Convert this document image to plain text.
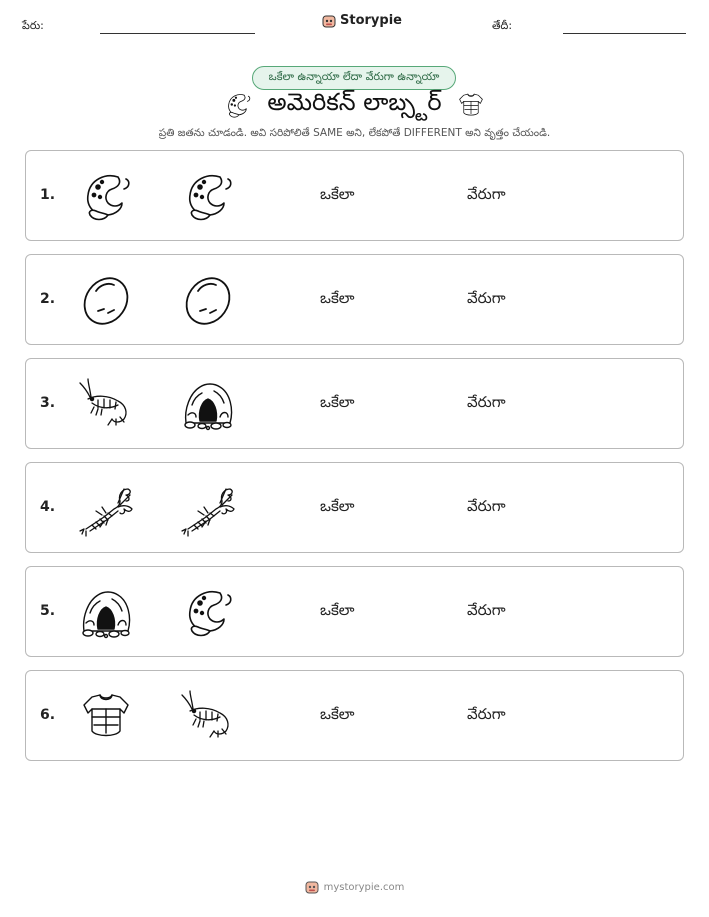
పేరు:	Storypie	తేదీ:
ఒకేలా ఉన్నాయా లేదా వేరుగా ఉన్నాయా
అమెరికన్ లాబ్స్టర్
ప్రతి జతను చూడండి. అవి సరిపోలితే SAME అని, లేకపోతే DIFFERENT అని వృత్తం చేయండి.
1.	ఒకేలా	వేరుగా
2.	ఒకేలా	వేరుగా
3.	ఒకేలా	వేరుగా
4.	ఒకేలా	వేరుగా
5.	ఒకేలా	వేరుగా
6.	ఒకేలా	వేరుగా
mystorypie.com
